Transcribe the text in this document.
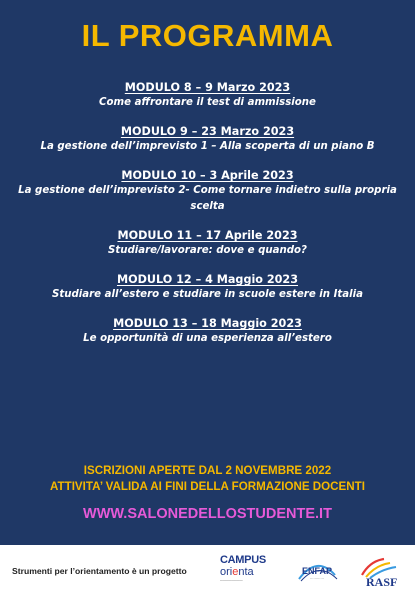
IL PROGRAMMA
MODULO 8 – 9 Marzo 2023
Come affrontare il test di ammissione
MODULO 9 – 23 Marzo 2023
La gestione dell’imprevisto 1 – Alla scoperta di un piano B
MODULO 10 – 3 Aprile 2023
La gestione dell’imprevisto 2- Come tornare indietro sulla propria scelta
MODULO 11 – 17 Aprile 2023
Studiare/lavorare: dove e quando?
MODULO 12 – 4 Maggio 2023
Studiare all’estero e studiare in scuole estere in Italia
MODULO 13 – 18 Maggio 2023
Le opportunità di una esperienza all’estero
ISCRIZIONI APERTE DAL 2 NOVEMBRE 2022
ATTIVITA’ VALIDA AI FINI DELLA FORMAZIONE DOCENTI
WWW.SALONEDELLOSTUDENTE.IT
Strumenti per l’orientamento è un progetto
CAMPUS
orienta
────────
ENFAP
⋯⋯⋯⋯	RASF
